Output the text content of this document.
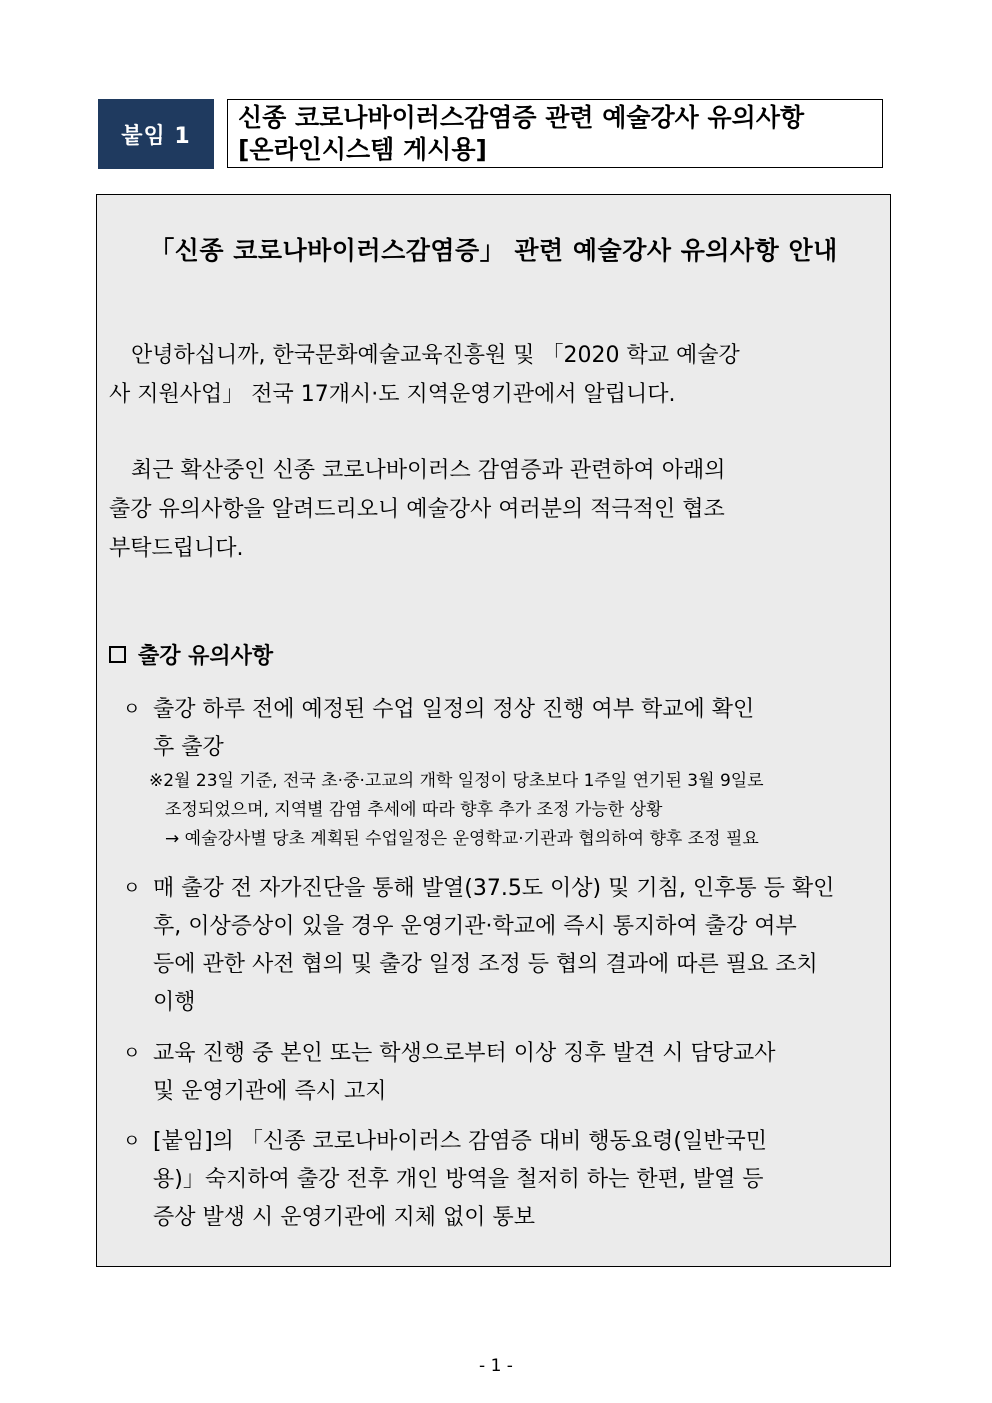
붙임 1
신종 코로나바이러스감염증 관련 예술강사 유의사항
[온라인시스템 게시용]
「신종 코로나바이러스감염증」 관련 예술강사 유의사항 안내
안녕하십니까, 한국문화예술교육진흥원 및 「2020 학교 예술강
사 지원사업」 전국 17개시·도 지역운영기관에서 알립니다.
최근 확산중인 신종 코로나바이러스 감염증과 관련하여 아래의
출강 유의사항을 알려드리오니 예술강사 여러분의 적극적인 협조
부탁드립니다.
출강 유의사항
ㅇ 출강 하루 전에 예정된 수업 일정의 정상 진행 여부 학교에 확인
후 출강
※2월 23일 기준, 전국 초·중·고교의 개학 일정이 당초보다 1주일 연기된 3월 9일로
조정되었으며, 지역별 감염 추세에 따라 향후 추가 조정 가능한 상황
→ 예술강사별 당초 계획된 수업일정은 운영학교·기관과 협의하여 향후 조정 필요
ㅇ 매 출강 전 자가진단을 통해 발열(37.5도 이상) 및 기침, 인후통 등 확인
후, 이상증상이 있을 경우 운영기관·학교에 즉시 통지하여 출강 여부
등에 관한 사전 협의 및 출강 일정 조정 등 협의 결과에 따른 필요 조치
이행
ㅇ 교육 진행 중 본인 또는 학생으로부터 이상 징후 발견 시 담당교사
및 운영기관에 즉시 고지
ㅇ [붙임]의 「신종 코로나바이러스 감염증 대비 행동요령(일반국민
용)」숙지하여 출강 전후 개인 방역을 철저히 하는 한편, 발열 등
증상 발생 시 운영기관에 지체 없이 통보
- 1 -
